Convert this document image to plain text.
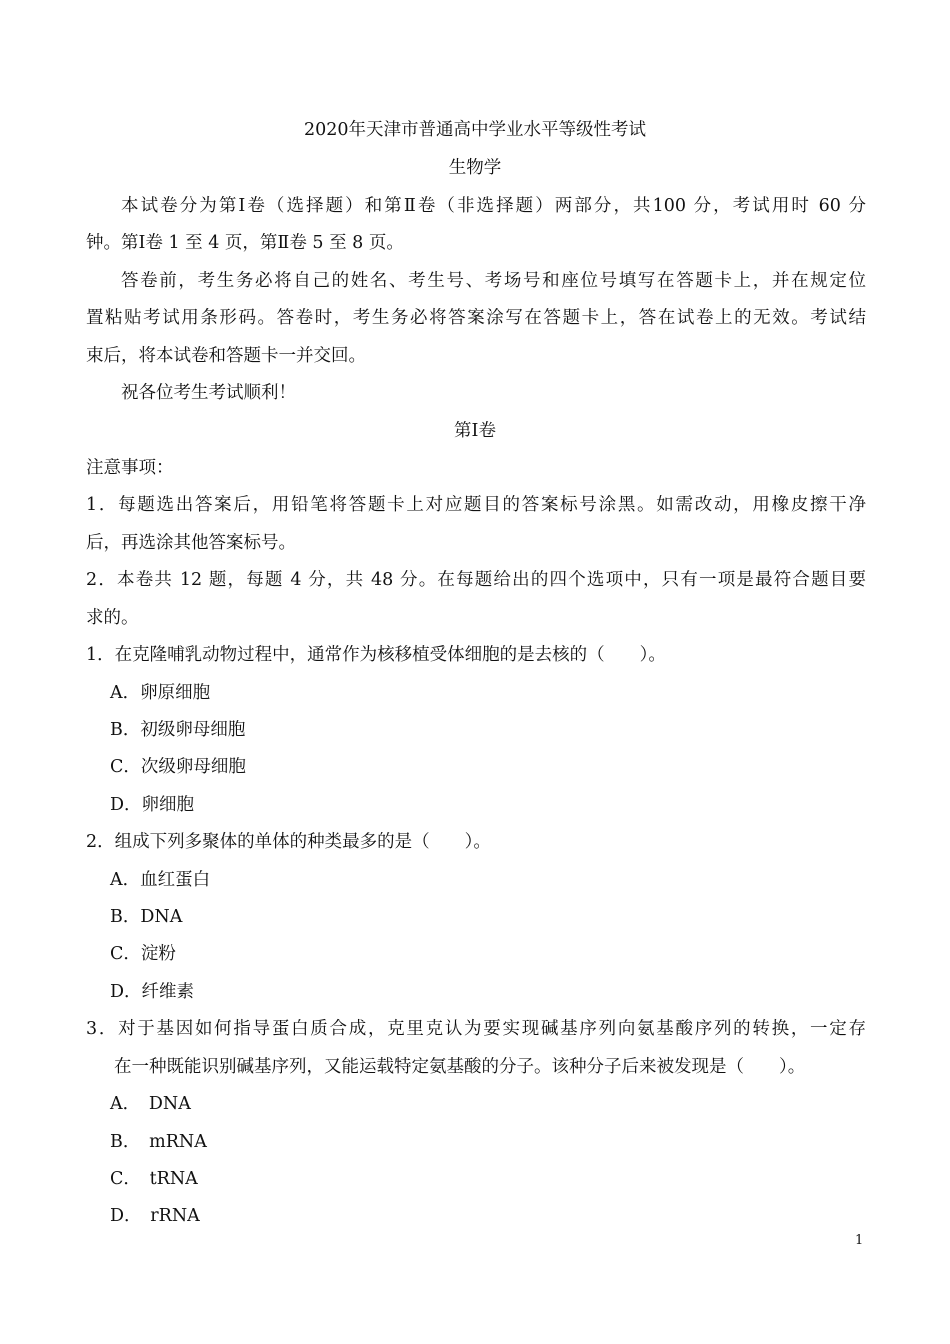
2020年天津市普通高中学业水平等级性考试
生物学
本试卷分为第Ⅰ卷（选择题）和第Ⅱ卷（非选择题）两部分，共100 分，考试用时 60 分
钟。第Ⅰ卷 1 至 4 页，第Ⅱ卷 5 至 8 页。
答卷前，考生务必将自己的姓名、考生号、考场号和座位号填写在答题卡上，并在规定位
置粘贴考试用条形码。答卷时，考生务必将答案涂写在答题卡上，答在试卷上的无效。考试结
束后，将本试卷和答题卡一并交回。
祝各位考生考试顺利！
第Ⅰ卷
注意事项：
1．每题选出答案后，用铅笔将答题卡上对应题目的答案标号涂黑。如需改动，用橡皮擦干净
后，再选涂其他答案标号。
2．本卷共 12 题，每题 4 分，共 48 分。在每题给出的四个选项中，只有一项是最符合题目要
求的。
1．在克隆哺乳动物过程中，通常作为核移植受体细胞的是去核的（　　）。
A．卵原细胞
B．初级卵母细胞
C．次级卵母细胞
D．卵细胞
2．组成下列多聚体的单体的种类最多的是（　　）。
A．血红蛋白
B．DNA
C．淀粉
D．纤维素
3．对于基因如何指导蛋白质合成，克里克认为要实现碱基序列向氨基酸序列的转换，一定存
在一种既能识别碱基序列，又能运载特定氨基酸的分子。该种分子后来被发现是（　　）。
A．　DNA
B．　mRNA
C．　tRNA
D．　rRNA
1
